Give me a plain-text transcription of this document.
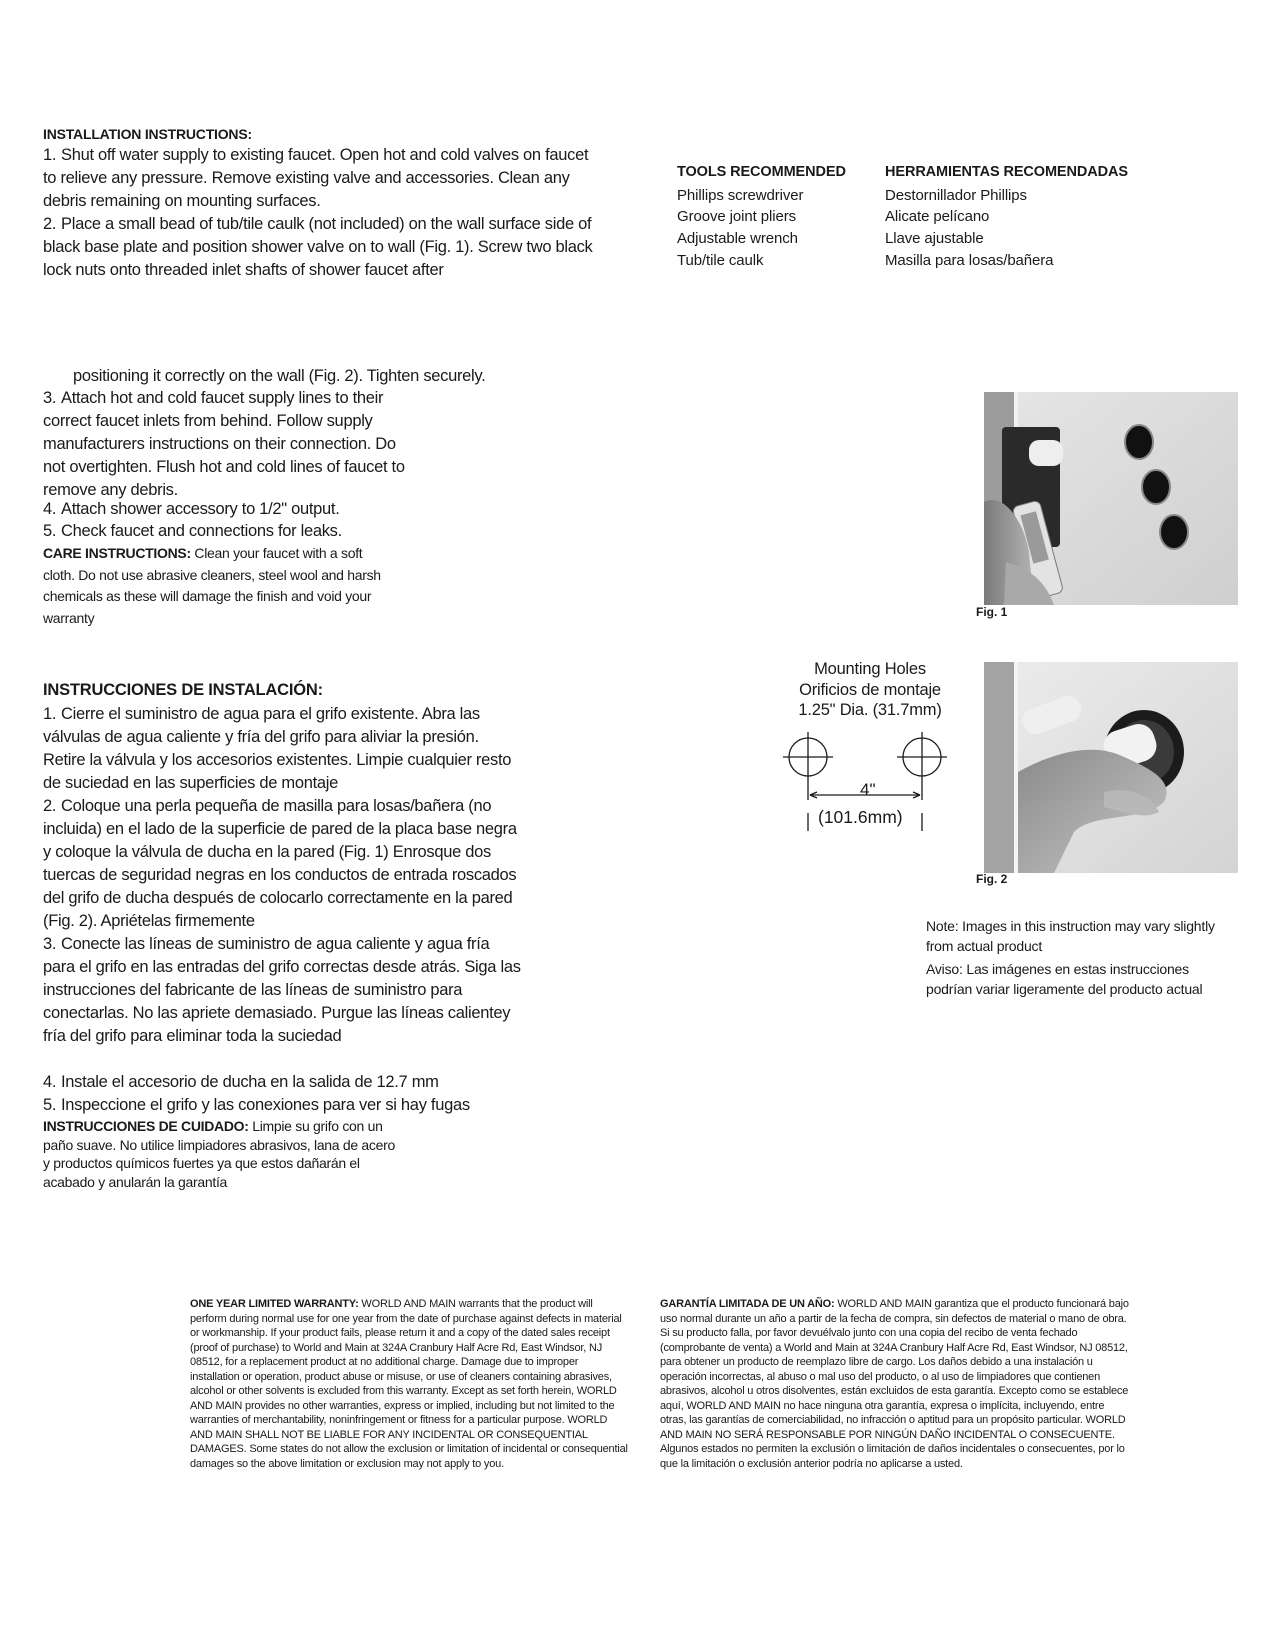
INSTALLATION INSTRUCTIONS:
1. Shut off water supply to existing faucet. Open hot and cold valves on faucet to relieve any pressure. Remove existing valve and accessories. Clean any debris remaining on mounting surfaces.
2. Place a small bead of tub/tile caulk (not included) on the wall surface side of black base plate and position shower valve on to wall (Fig. 1). Screw two black lock nuts onto threaded inlet shafts of shower faucet after
positioning it correctly on the wall (Fig. 2). Tighten securely.
3. Attach hot and cold faucet supply lines to their correct faucet inlets from behind. Follow supply manufacturers instructions on their connection. Do not overtighten. Flush hot and cold lines of faucet to remove any debris.
4. Attach shower accessory to 1/2" output.
5. Check faucet and connections for leaks.
CARE INSTRUCTIONS: Clean your faucet with a soft cloth. Do not use abrasive cleaners, steel wool and harsh chemicals as these will damage the finish and void your warranty
TOOLS RECOMMENDED
Phillips screwdriver
Groove joint pliers
Adjustable wrench
Tub/tile caulk
HERRAMIENTAS RECOMENDADAS
Destornillador Phillips
Alicate pelícano
Llave ajustable
Masilla para losas/bañera
Fig. 1
Fig. 2
Mounting Holes
Orificios de montaje
1.25" Dia. (31.7mm)
4"
(101.6mm)
Note: Images in this instruction may vary slightly from actual product
Aviso: Las imágenes en estas instrucciones podrían variar ligeramente del producto actual
INSTRUCCIONES DE INSTALACIÓN:
1. Cierre el suministro de agua para el grifo existente. Abra las válvulas de agua caliente y fría del grifo para aliviar la presión. Retire la válvula y los accesorios existentes. Limpie cualquier resto de suciedad en las superficies de montaje
2. Coloque una perla pequeña de masilla para losas/bañera (no incluida) en el lado de la superficie de pared de la placa base negra y coloque la válvula de ducha en la pared (Fig. 1) Enrosque dos tuercas de seguridad negras en los conductos de entrada roscados del grifo de ducha después de colocarlo correctamente en la pared (Fig. 2). Apriételas firmemente
3. Conecte las líneas de suministro de agua caliente y agua fría para el grifo en las entradas del grifo correctas desde atrás. Siga las instrucciones del fabricante de las líneas de suministro para conectarlas. No las apriete demasiado. Purgue las líneas calientey fría del grifo para eliminar toda la suciedad
4. Instale el accesorio de ducha en la salida de 12.7 mm
5. Inspeccione el grifo y las conexiones para ver si hay fugas
INSTRUCCIONES DE CUIDADO: Limpie su grifo con un paño suave. No utilice limpiadores abrasivos, lana de acero y productos químicos fuertes ya que estos dañarán el acabado y anularán la garantía
ONE YEAR LIMITED WARRANTY: WORLD AND MAIN warrants that the product will perform during normal use for one year from the date of purchase against defects in material or workmanship. If your product fails, please return it and a copy of the dated sales receipt (proof of purchase) to World and Main at 324A Cranbury Half Acre Rd, East Windsor, NJ 08512, for a replacement product at no additional charge. Damage due to improper installation or operation, product abuse or misuse, or use of cleaners containing abrasives, alcohol or other solvents is excluded from this warranty. Except as set forth herein, WORLD AND MAIN provides no other warranties, express or implied, including but not limited to the warranties of merchantability, noninfringement or fitness for a particular purpose. WORLD AND MAIN SHALL NOT BE LIABLE FOR ANY INCIDENTAL OR CONSEQUENTIAL DAMAGES. Some states do not allow the exclusion or limitation of incidental or consequential damages so the above limitation or exclusion may not apply to you.
GARANTÍA LIMITADA DE UN AÑO: WORLD AND MAIN garantiza que el producto funcionará bajo uso normal durante un año a partir de la fecha de compra, sin defectos de material o mano de obra. Si su producto falla, por favor devuélvalo junto con una copia del recibo de venta fechado (comprobante de venta) a World and Main at 324A Cranbury Half Acre Rd, East Windsor, NJ 08512, para obtener un producto de reemplazo libre de cargo. Los daños debido a una instalación u operación incorrectas, al abuso o mal uso del producto, o al uso de limpiadores que contienen abrasivos, alcohol u otros disolventes, están excluidos de esta garantía. Excepto como se establece aquí, WORLD AND MAIN no hace ninguna otra garantía, expresa o implícita, incluyendo, entre otras, las garantías de comerciabilidad, no infracción o aptitud para un propósito particular. WORLD AND MAIN NO SERÁ RESPONSABLE POR NINGÚN DAÑO INCIDENTAL O CONSECUENTE. Algunos estados no permiten la exclusión o limitación de daños incidentales o consecuentes, por lo que la limitación o exclusión anterior podría no aplicarse a usted.
